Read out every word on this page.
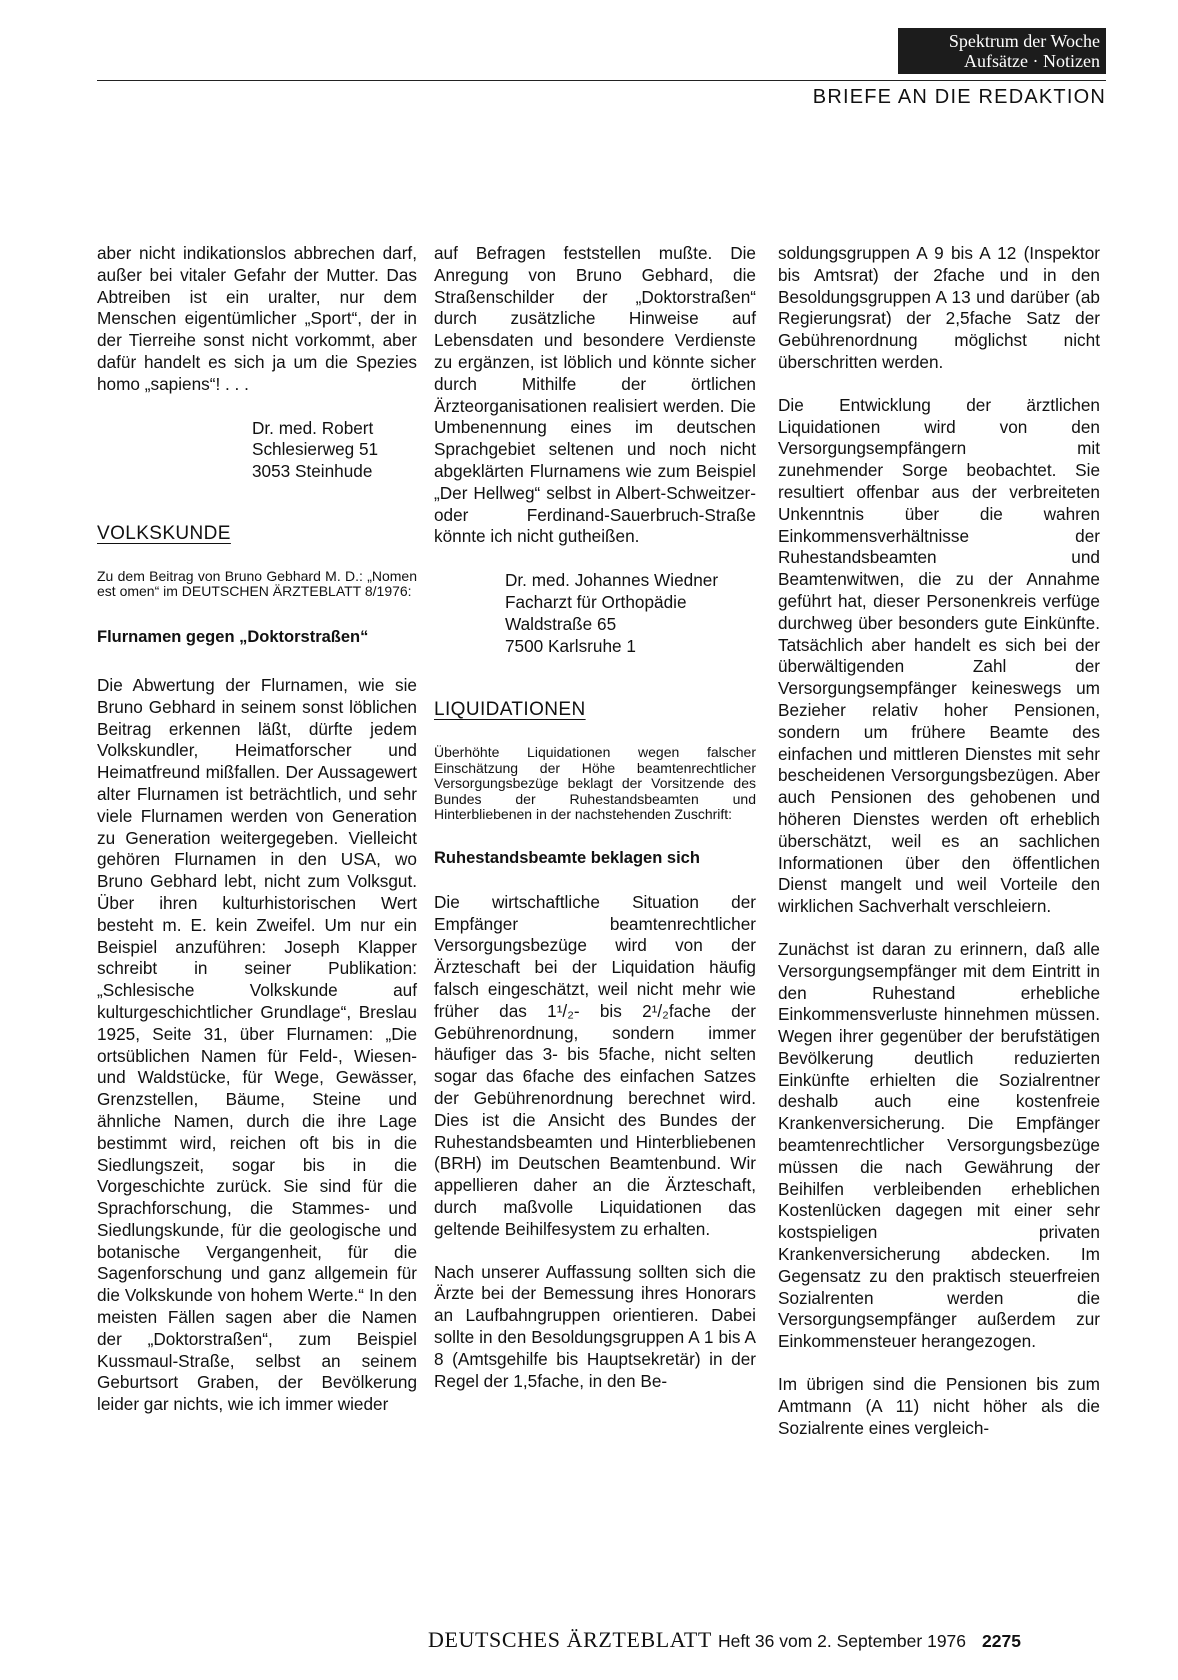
Spektrum der Woche
Aufsätze · Notizen
BRIEFE AN DIE REDAKTION

aber nicht indikationslos abbrechen darf, außer bei vitaler Gefahr der Mutter. Das Abtreiben ist ein uralter, nur dem Menschen eigentümlicher „Sport“, der in der Tierreihe sonst nicht vorkommt, aber dafür handelt es sich ja um die Spezies homo „sapiens“! . . .

Dr. med. Robert

Schlesierweg 51

3053 Steinhude

VOLKSKUNDE

Zu dem Beitrag von Bruno Gebhard M. D.: „Nomen est omen“ im DEUTSCHEN ÄRZTEBLATT 8/1976:

Flurnamen gegen „Doktorstraßen“

Die Abwertung der Flurnamen, wie sie Bruno Gebhard in seinem sonst löblichen Beitrag erkennen läßt, dürfte jedem Volkskundler, Heimatforscher und Heimatfreund mißfallen. Der Aussagewert alter Flurnamen ist beträchtlich, und sehr viele Flurnamen werden von Generation zu Generation weitergegeben. Vielleicht gehören Flurnamen in den USA, wo Bruno Gebhard lebt, nicht zum Volksgut. Über ihren kulturhistorischen Wert besteht m. E. kein Zweifel. Um nur ein Beispiel anzuführen: Joseph Klapper schreibt in seiner Publikation: „Schlesische Volkskunde auf kulturgeschichtlicher Grundlage“, Breslau 1925, Seite 31, über Flurnamen: „Die ortsüblichen Namen für Feld-, Wiesen- und Waldstücke, für Wege, Gewässer, Grenzstellen, Bäume, Steine und ähnliche Namen, durch die ihre Lage bestimmt wird, reichen oft bis in die Siedlungszeit, sogar bis in die Vorgeschichte zurück. Sie sind für die Sprachforschung, die Stammes- und Siedlungskunde, für die geologische und botanische Vergangenheit, für die Sagenforschung und ganz allgemein für die Volkskunde von hohem Werte.“ In den meisten Fällen sagen aber die Namen der „Doktorstraßen“, zum Beispiel Kussmaul-Straße, selbst an seinem Geburtsort Graben, der Bevölkerung leider gar nichts, wie ich immer wieder

auf Befragen feststellen mußte. Die Anregung von Bruno Gebhard, die Straßenschilder der „Doktorstraßen“ durch zusätzliche Hinweise auf Lebensdaten und besondere Verdienste zu ergänzen, ist löblich und könnte sicher durch Mithilfe der örtlichen Ärzteorganisationen realisiert werden. Die Umbenennung eines im deutschen Sprachgebiet seltenen und noch nicht abgeklärten Flurnamens wie zum Beispiel „Der Hellweg“ selbst in Albert-Schweitzer- oder Ferdinand-Sauerbruch-Straße könnte ich nicht gutheißen.

Dr. med. Johannes Wiedner

Facharzt für Orthopädie

Waldstraße 65

7500 Karlsruhe 1

LIQUIDATIONEN

Überhöhte Liquidationen wegen falscher Einschätzung der Höhe beamtenrechtlicher Versorgungsbezüge beklagt der Vorsitzende des Bundes der Ruhestandsbeamten und Hinterbliebenen in der nachstehenden Zuschrift:

Ruhestandsbeamte beklagen sich

Die wirtschaftliche Situation der Empfänger beamtenrechtlicher Versorgungsbezüge wird von der Ärzteschaft bei der Liquidation häufig falsch eingeschätzt, weil nicht mehr wie früher das 1¹/₂- bis 2¹/₂fache der Gebührenordnung, sondern immer häufiger das 3- bis 5fache, nicht selten sogar das 6fache des einfachen Satzes der Gebührenordnung berechnet wird. Dies ist die Ansicht des Bundes der Ruhestandsbeamten und Hinterbliebenen (BRH) im Deutschen Beamtenbund. Wir appellieren daher an die Ärzteschaft, durch maßvolle Liquidationen das geltende Beihilfesystem zu erhalten.

Nach unserer Auffassung sollten sich die Ärzte bei der Bemessung ihres Honorars an Laufbahngruppen orientieren. Dabei sollte in den Besoldungsgruppen A 1 bis A 8 (Amtsgehilfe bis Hauptsekretär) in der Regel der 1,5fache, in den Be-

soldungsgruppen A 9 bis A 12 (Inspektor bis Amtsrat) der 2fache und in den Besoldungsgruppen A 13 und darüber (ab Regierungsrat) der 2,5fache Satz der Gebührenordnung möglichst nicht überschritten werden.

Die Entwicklung der ärztlichen Liquidationen wird von den Versorgungsempfängern mit zunehmender Sorge beobachtet. Sie resultiert offenbar aus der verbreiteten Unkenntnis über die wahren Einkommensverhältnisse der Ruhestandsbeamten und Beamtenwitwen, die zu der Annahme geführt hat, dieser Personenkreis verfüge durchweg über besonders gute Einkünfte. Tatsächlich aber handelt es sich bei der überwältigenden Zahl der Versorgungsempfänger keineswegs um Bezieher relativ hoher Pensionen, sondern um frühere Beamte des einfachen und mittleren Dienstes mit sehr bescheidenen Versorgungsbezügen. Aber auch Pensionen des gehobenen und höheren Dienstes werden oft erheblich überschätzt, weil es an sachlichen Informationen über den öffentlichen Dienst mangelt und weil Vorteile den wirklichen Sachverhalt verschleiern.

Zunächst ist daran zu erinnern, daß alle Versorgungsempfänger mit dem Eintritt in den Ruhestand erhebliche Einkommensverluste hinnehmen müssen. Wegen ihrer gegenüber der berufstätigen Bevölkerung deutlich reduzierten Einkünfte erhielten die Sozialrentner deshalb auch eine kostenfreie Krankenversicherung. Die Empfänger beamtenrechtlicher Versorgungsbezüge müssen die nach Gewährung der Beihilfen verbleibenden erheblichen Kostenlücken dagegen mit einer sehr kostspieligen privaten Krankenversicherung abdecken. Im Gegensatz zu den praktisch steuerfreien Sozialrenten werden die Versorgungsempfänger außerdem zur Einkommensteuer herangezogen.

Im übrigen sind die Pensionen bis zum Amtmann (A 11) nicht höher als die Sozialrente eines vergleich-

DEUTSCHES ÄRZTEBLATT Heft 36 vom 2. September 1976 2275
